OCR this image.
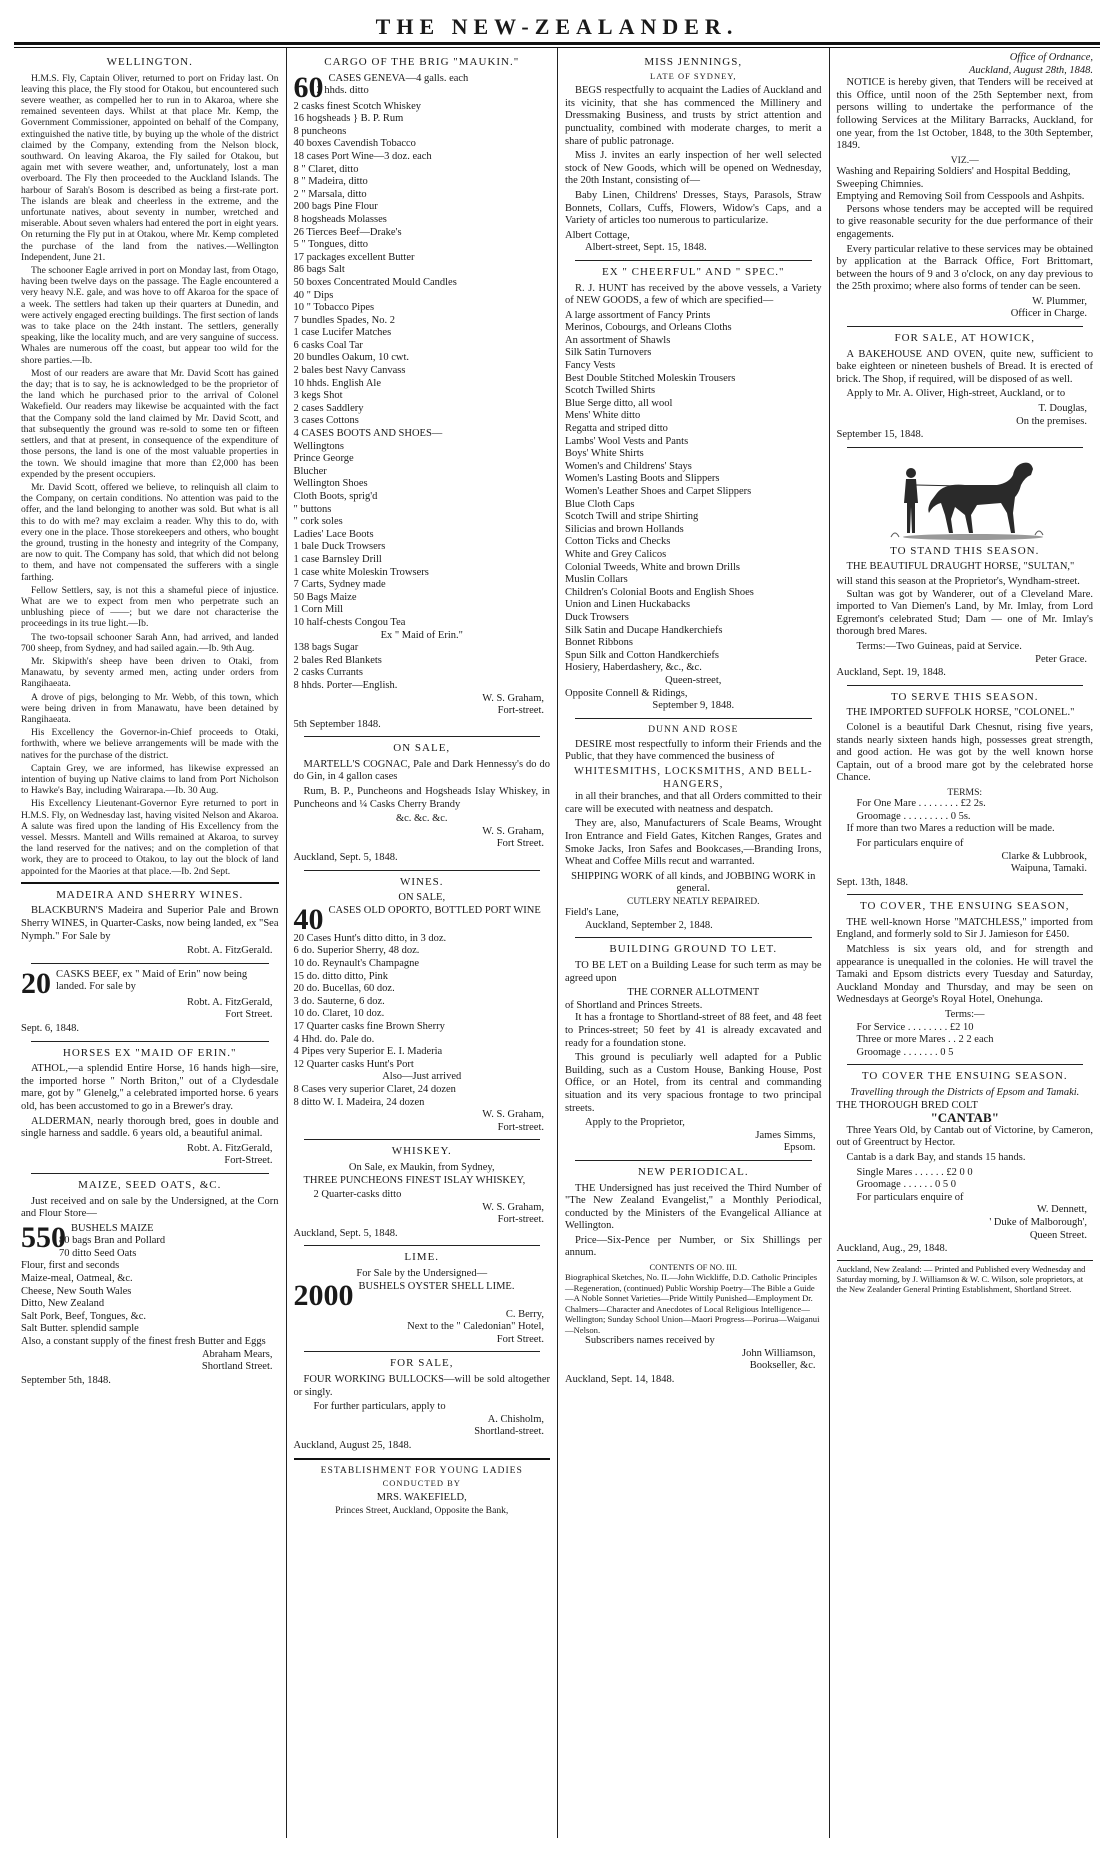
THE NEW-ZEALANDER.
WELLINGTON.

H.M.S. Fly, Captain Oliver, returned to port on Friday last. On leaving this place, the Fly stood for Otakou, but encountered such severe weather, as compelled her to run in to Akaroa, where she remained seventeen days. Whilst at that place Mr. Kemp, the Government Commissioner, appointed on behalf of the Company, extinguished the native title, by buying up the whole of the district claimed by the Company, extending from the Nelson block, southward. On leaving Akaroa, the Fly sailed for Otakou, but again met with severe weather, and, unfortunately, lost a man overboard. The Fly then proceeded to the Auckland Islands. The harbour of Sarah's Bosom is described as being a first-rate port. The islands are bleak and cheerless in the extreme, and the unfortunate natives, about seventy in number, wretched and miserable. About seven whalers had entered the port in eight years. On returning the Fly put in at Otakou, where Mr. Kemp completed the purchase of the land from the natives.—Wellington Independent, June 21.

The schooner Eagle arrived in port on Monday last, from Otago, having been twelve days on the passage. The Eagle encountered a very heavy N.E. gale, and was hove to off Akaroa for the space of a week. The settlers had taken up their quarters at Dunedin, and were actively engaged erecting buildings. The first section of lands was to take place on the 24th instant. The settlers, generally speaking, like the locality much, and are very sanguine of success. Whales are numerous off the coast, but appear too wild for the shore parties.—Ib.

Most of our readers are aware that Mr. David Scott has gained the day; that is to say, he is acknowledged to be the proprietor of the land which he purchased prior to the arrival of Colonel Wakefield. Our readers may likewise be acquainted with the fact that the Company sold the land claimed by Mr. David Scott, and that subsequently the ground was re-sold to some ten or fifteen settlers, and that at present, in consequence of the expenditure of those persons, the land is one of the most valuable properties in the town. We should imagine that more than £2,000 has been expended by the present occupiers.

Mr. David Scott, offered we believe, to relinquish all claim to the Company, on certain conditions. No attention was paid to the offer, and the land belonging to another was sold. But what is all this to do with me? may exclaim a reader. Why this to do, with every one in the place. Those storekeepers and others, who bought the ground, trusting in the honesty and integrity of the Company, are now to quit. The Company has sold, that which did not belong to them, and have not compensated the sufferers with a single farthing.

Fellow Settlers, say, is not this a shameful piece of injustice. What are we to expect from men who perpetrate such an unblushing piece of ——; but we dare not characterise the proceedings in its true light.—Ib.

The two-topsail schooner Sarah Ann, had arrived, and landed 700 sheep, from Sydney, and had sailed again.—Ib. 9th Aug.

Mr. Skipwith's sheep have been driven to Otaki, from Manawatu, by seventy armed men, acting under orders from Rangihaeata.

A drove of pigs, belonging to Mr. Webb, of this town, which were being driven in from Manawatu, have been detained by Rangihaeata.

His Excellency the Governor-in-Chief proceeds to Otaki, forthwith, where we believe arrangements will be made with the natives for the purchase of the district.

Captain Grey, we are informed, has likewise expressed an intention of buying up Native claims to land from Port Nicholson to Hawke's Bay, including Wairarapa.—Ib. 30 Aug.

His Excellency Lieutenant-Governor Eyre returned to port in H.M.S. Fly, on Wednesday last, having visited Nelson and Akaroa. A salute was fired upon the landing of His Excellency from the vessel. Messrs. Mantell and Wills remained at Akaroa, to survey the land reserved for the natives; and on the completion of that work, they are to proceed to Otakou, to lay out the block of land appointed for the Maories at that place.—Ib. 2nd Sept.

MADEIRA AND SHERRY WINES.

BLACKBURN'S Madeira and Superior Pale and Brown Sherry WINES, in Quarter-Casks, now being landed, ex "Sea Nymph." For Sale by

Robt. A. FitzGerald.
20 CASKS BEEF, ex " Maid of Erin" now being landed. For sale by
Robt. A. FitzGerald,
Fort Street.
Sept. 6, 1848.
HORSES EX "MAID OF ERIN."

ATHOL,—a splendid Entire Horse, 16 hands high—sire, the imported horse " North Briton," out of a Clydesdale mare, got by " Glenelg," a celebrated imported horse. 6 years old, has been accustomed to go in a Brewer's dray.

ALDERMAN, nearly thorough bred, goes in double and single harness and saddle. 6 years old, a beautiful animal.

Robt. A. FitzGerald,
Fort-Street.
MAIZE, SEED OATS, &C.

Just received and on sale by the Undersigned, at the Corn and Flour Store—

550 BUSHELS MAIZE
80 bags Bran and Pollard
70 ditto Seed Oats
Flour, first and seconds
Maize-meal, Oatmeal, &c.
Cheese, New South Wales
Ditto, New Zealand
Salt Pork, Beef, Tongues, &c.
Salt Butter. splendid sample
Also, a constant supply of the finest fresh Butter and Eggs
Abraham Mears,
Shortland Street.
September 5th, 1848.
CARGO OF THE BRIG "MAUKIN."
60 CASES GENEVA—4 galls. each
2 hhds. ditto
2 casks finest Scotch Whiskey
16 hogsheads } B. P. Rum
8 puncheons
40 boxes Cavendish Tobacco
18 cases Port Wine—3 doz. each
8 " Claret, ditto
8 " Madeira, ditto
2 " Marsala, ditto
200 bags Pine Flour
8 hogsheads Molasses
26 Tierces Beef—Drake's
5 " Tongues, ditto
17 packages excellent Butter
86 bags Salt
50 boxes Concentrated Mould Candles
40 " Dips
10 " Tobacco Pipes
7 bundles Spades, No. 2
1 case Lucifer Matches
6 casks Coal Tar
20 bundles Oakum, 10 cwt.
2 bales best Navy Canvass
10 hhds. English Ale
3 kegs Shot
2 cases Saddlery
3 cases Cottons
4 CASES BOOTS AND SHOES—
Wellingtons
Prince George
Blucher
Wellington Shoes
Cloth Boots, sprig'd
" buttons
" cork soles
Ladies' Lace Boots
1 bale Duck Trowsers
1 case Barnsley Drill
1 case white Moleskin Trowsers
7 Carts, Sydney made
50 Bags Maize
1 Corn Mill
10 half-chests Congou Tea
Ex " Maid of Erin."
138 bags Sugar
2 bales Red Blankets
2 casks Currants
8 hhds. Porter—English.
W. S. Graham,
Fort-street.
5th September 1848.
ON SALE,

MARTELL'S COGNAC, Pale and Dark Hennessy's do do do Gin, in 4 gallon cases

Rum, B. P., Puncheons and Hogsheads Islay Whiskey, in Puncheons and ¼ Casks Cherry Brandy

&c. &c. &c.
W. S. Graham,
Fort Street.
Auckland, Sept. 5, 1848.
WINES.
ON SALE,
40 CASES OLD OPORTO, BOTTLED PORT WINE
20 Cases Hunt's ditto ditto, in 3 doz.
6 do. Superior Sherry, 48 doz.
10 do. Reynault's Champagne
15 do. ditto ditto, Pink
20 do. Bucellas, 60 doz.
3 do. Sauterne, 6 doz.
10 do. Claret, 10 doz.
17 Quarter casks fine Brown Sherry
4 Hhd. do. Pale do.
4 Pipes very Superior E. I. Maderia
12 Quarter casks Hunt's Port
Also—Just arrived
8 Cases very superior Claret, 24 dozen
8 ditto W. I. Madeira, 24 dozen
W. S. Graham,
Fort-street.
WHISKEY.
On Sale, ex Maukin, from Sydney,

THREE PUNCHEONS FINEST ISLAY WHISKEY,

2 Quarter-casks ditto
W. S. Graham,
Fort-street.
Auckland, Sept. 5, 1848.
LIME.
For Sale by the Undersigned—
2000 BUSHELS OYSTER SHELL LIME.
C. Berry,
Next to the " Caledonian" Hotel,
Fort Street.
FOR SALE,

FOUR WORKING BULLOCKS—will be sold altogether or singly.

For further particulars, apply to
A. Chisholm,
Shortland-street.
Auckland, August 25, 1848.
ESTABLISHMENT FOR YOUNG LADIES
CONDUCTED BY
MRS. WAKEFIELD,
Princes Street, Auckland, Opposite the Bank,
MISS JENNINGS,
LATE OF SYDNEY,

BEGS respectfully to acquaint the Ladies of Auckland and its vicinity, that she has commenced the Millinery and Dressmaking Business, and trusts by strict attention and punctuality, combined with moderate charges, to merit a share of public patronage.

Miss J. invites an early inspection of her well selected stock of New Goods, which will be opened on Wednesday, the 20th Instant, consisting of—

Baby Linen, Childrens' Dresses, Stays, Parasols, Straw Bonnets, Collars, Cuffs, Flowers, Widow's Caps, and a Variety of articles too numerous to particularize.

Albert Cottage,
Albert-street, Sept. 15, 1848.
EX " CHEERFUL" AND " SPEC."

R. J. HUNT has received by the above vessels, a Variety of NEW GOODS, a few of which are specified—

A large assortment of Fancy Prints
Merinos, Cobourgs, and Orleans Cloths
An assortment of Shawls
Silk Satin Turnovers
Fancy Vests
Best Double Stitched Moleskin Trousers
Scotch Twilled Shirts
Blue Serge ditto, all wool
Mens' White ditto
Regatta and striped ditto
Lambs' Wool Vests and Pants
Boys' White Shirts
Women's and Childrens' Stays
Women's Lasting Boots and Slippers
Women's Leather Shoes and Carpet Slippers
Blue Cloth Caps
Scotch Twill and stripe Shirting
Silicias and brown Hollands
Cotton Ticks and Checks
White and Grey Calicos
Colonial Tweeds, White and brown Drills
Muslin Collars
Children's Colonial Boots and English Shoes
Union and Linen Huckabacks
Duck Trowsers
Silk Satin and Ducape Handkerchiefs
Bonnet Ribbons
Spun Silk and Cotton Handkerchiefs
Hosiery, Haberdashery, &c., &c.
Queen-street,
Opposite Connell & Ridings,
September 9, 1848.
DUNN AND ROSE

DESIRE most respectfully to inform their Friends and the Public, that they have commenced the business of

WHITESMITHS, LOCKSMITHS, AND BELL-HANGERS,

in all their branches, and that all Orders committed to their care will be executed with neatness and despatch.

They are, also, Manufacturers of Scale Beams, Wrought Iron Entrance and Field Gates, Kitchen Ranges, Grates and Smoke Jacks, Iron Safes and Bookcases,—Branding Irons, Wheat and Coffee Mills recut and warranted.

SHIPPING WORK of all kinds, and JOBBING WORK in general.
CUTLERY NEATLY REPAIRED.
Field's Lane,
Auckland, September 2, 1848.
BUILDING GROUND TO LET.

TO BE LET on a Building Lease for such term as may be agreed upon

THE CORNER ALLOTMENT
of Shortland and Princes Streets.

It has a frontage to Shortland-street of 88 feet, and 48 feet to Princes-street; 50 feet by 41 is already excavated and ready for a foundation stone.

This ground is peculiarly well adapted for a Public Building, such as a Custom House, Banking House, Post Office, or an Hotel, from its central and commanding situation and its very spacious frontage to two principal streets.

Apply to the Proprietor,
James Simms,
Epsom.
NEW PERIODICAL.

THE Undersigned has just received the Third Number of "The New Zealand Evangelist," a Monthly Periodical, conducted by the Ministers of the Evangelical Alliance at Wellington.

Price—Six-Pence per Number, or Six Shillings per annum.

CONTENTS OF NO. III.
Biographical Sketches, No. II.—John Wickliffe, D.D. Catholic Principles—Regeneration, (continued) Public Worship Poetry—The Bible a Guide—A Noble Sonnet Varieties—Pride Wittily Punished—Employment Dr. Chalmers—Character and Anecdotes of Local Religious Intelligence—Wellington; Sunday School Union—Maori Progress—Porirua—Waiganui—Nelson.
Subscribers names received by
John Williamson,
Bookseller, &c.
Auckland, Sept. 14, 1848.
Office of Ordnance,
Auckland, August 28th, 1848.

NOTICE is hereby given, that Tenders will be received at this Office, until noon of the 25th September next, from persons willing to undertake the performance of the following Services at the Military Barracks, Auckland, for one year, from the 1st October, 1848, to the 30th September, 1849.

VIZ.—
Washing and Repairing Soldiers' and Hospital Bedding,
Sweeping Chimnies.
Emptying and Removing Soil from Cesspools and Ashpits.

Persons whose tenders may be accepted will be required to give reasonable security for the due performance of their engagements.

Every particular relative to these services may be obtained by application at the Barrack Office, Fort Brittomart, between the hours of 9 and 3 o'clock, on any day previous to the 25th proximo; where also forms of tender can be seen.

W. Plummer,
Officer in Charge.
FOR SALE, AT HOWICK,

A BAKEHOUSE AND OVEN, quite new, sufficient to bake eighteen or nineteen bushels of Bread. It is erected of brick. The Shop, if required, will be disposed of as well.

Apply to Mr. A. Oliver, High-street, Auckland, or to

T. Douglas,
On the premises.
September 15, 1848.
TO STAND THIS SEASON.

THE BEAUTIFUL DRAUGHT HORSE, "SULTAN,"

will stand this season at the Proprietor's, Wyndham-street.

Sultan was got by Wanderer, out of a Cleveland Mare. imported to Van Diemen's Land, by Mr. Imlay, from Lord Egremont's celebrated Stud; Dam — one of Mr. Imlay's thorough bred Mares.

Terms:—Two Guineas, paid at Service.
Peter Grace.
Auckland, Sept. 19, 1848.
TO SERVE THIS SEASON.

THE IMPORTED SUFFOLK HORSE, "COLONEL."

Colonel is a beautiful Dark Chesnut, rising five years, stands nearly sixteen hands high, possesses great strength, and good action. He was got by the well known horse Captain, out of a brood mare got by the celebrated horse Chance.

TERMS:
For One Mare . . . . . . . . £2 2s.
Groomage . . . . . . . . . 0 5s.

If more than two Mares a reduction will be made.

For particulars enquire of
Clarke & Lubbrook,
Waipuna, Tamaki.
Sept. 13th, 1848.
TO COVER, THE ENSUING SEASON,

THE well-known Horse "MATCHLESS," imported from England, and formerly sold to Sir J. Jamieson for £450.

Matchless is six years old, and for strength and appearance is unequalled in the colonies. He will travel the Tamaki and Epsom districts every Tuesday and Saturday, Auckland Monday and Thursday, and may be seen on Wednesdays at George's Royal Hotel, Onehunga.

Terms:—
For Service . . . . . . . . £2 10
Three or more Mares . . 2 2 each
Groomage . . . . . . . 0 5
TO COVER THE ENSUING SEASON.
Travelling through the Districts of Epsom and Tamaki.
THE THOROUGH BRED COLT
"CANTAB"

Three Years Old, by Cantab out of Victorine, by Cameron, out of Greentruct by Hector.

Cantab is a dark Bay, and stands 15 hands.

Single Mares . . . . . . £2 0 0
Groomage . . . . . . 0 5 0
For particulars enquire of
W. Dennett,
' Duke of Malborough',
Queen Street.
Auckland, Aug., 29, 1848.
Auckland, New Zealand: — Printed and Published every Wednesday and Saturday morning, by J. Williamson & W. C. Wilson, sole proprietors, at the New Zealander General Printing Establishment, Shortland Street.
